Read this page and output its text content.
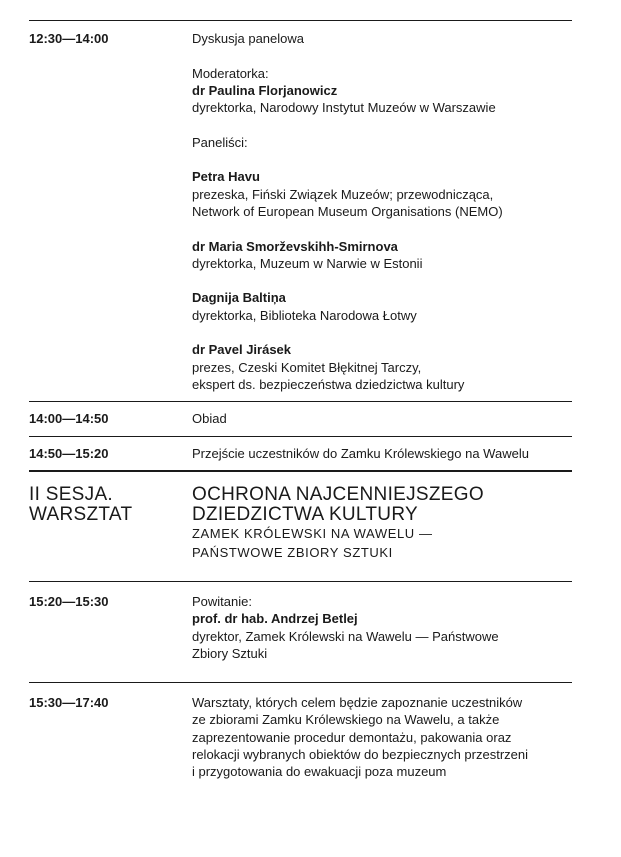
12:30—14:00	Dyskusja panelowa
Moderatorka:
dr Paulina Florjanowicz
dyrektorka, Narodowy Instytut Muzeów w Warszawie
Paneliści:
Petra Havu
prezeska, Fiński Związek Muzeów; przewodnicząca,
Network of European Museum Organisations (NEMO)
dr Maria Smorževskihh-Smirnova
dyrektorka, Muzeum w Narwie w Estonii
Dagnija Baltiņa
dyrektorka, Biblioteka Narodowa Łotwy
dr Pavel Jirásek
prezes, Czeski Komitet Błękitnej Tarczy,
ekspert ds. bezpieczeństwa dziedzictwa kultury
14:00—14:50	Obiad
14:50—15:20	Przejście uczestników do Zamku Królewskiego na Wawelu
II SESJA.
WARSZTAT
OCHRONA NAJCENNIEJSZEGO
DZIEDZICTWA KULTURY
ZAMEK KRÓLEWSKI NA WAWELU —
PAŃSTWOWE ZBIORY SZTUKI
15:20—15:30	Powitanie:
prof. dr hab. Andrzej Betlej
dyrektor, Zamek Królewski na Wawelu — Państwowe
Zbiory Sztuki
15:30—17:40	Warsztaty, których celem będzie zapoznanie uczestników
ze zbiorami Zamku Królewskiego na Wawelu, a także
zaprezentowanie procedur demontażu, pakowania oraz
relokacji wybranych obiektów do bezpiecznych przestrzeni
i przygotowania do ewakuacji poza muzeum
